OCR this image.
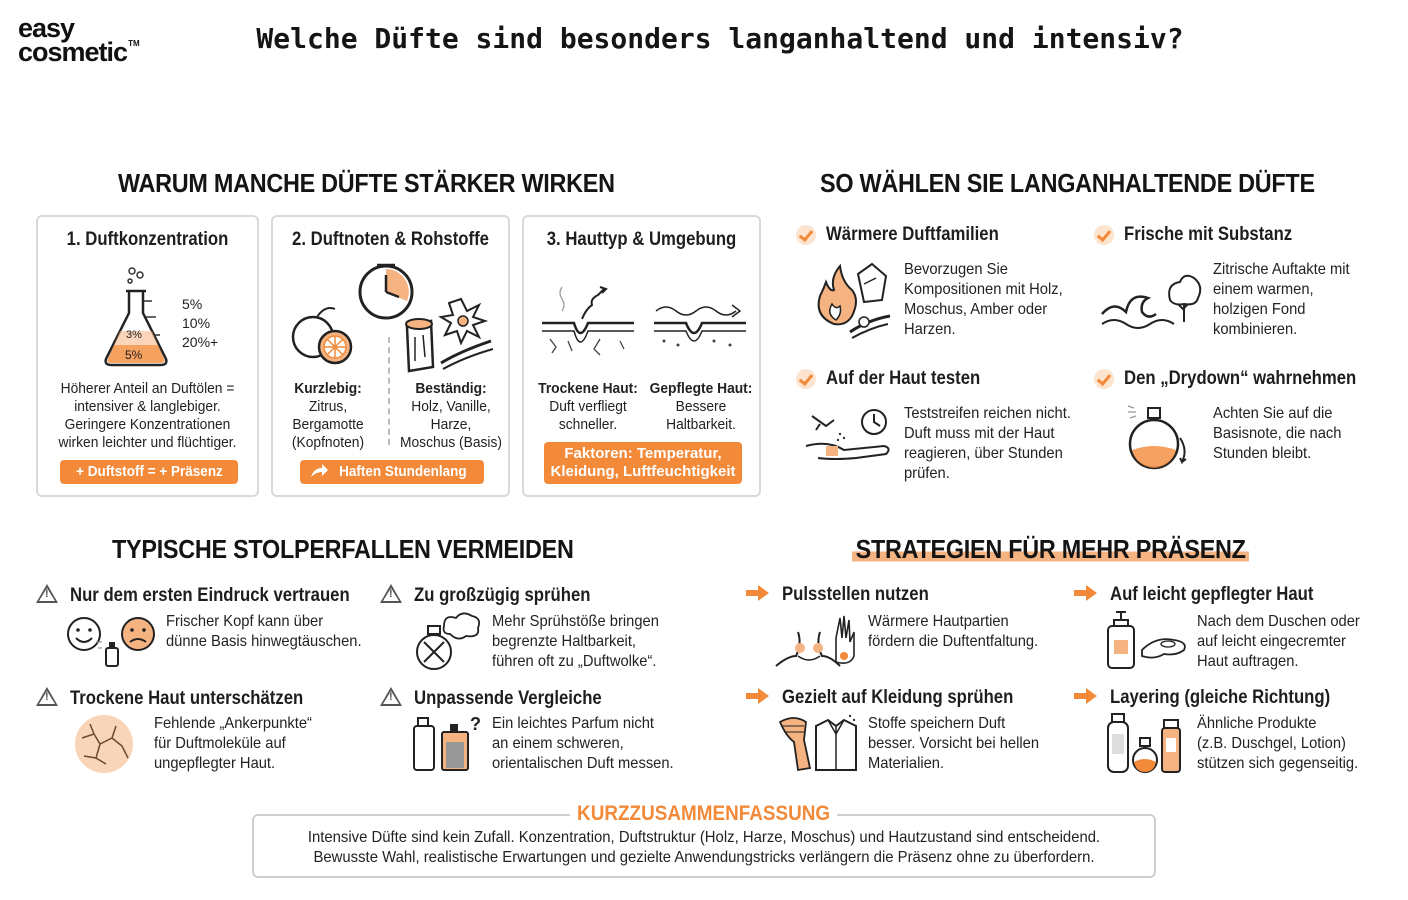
easy
cosmetic™	Welche Düfte sind besonders langanhaltend und intensiv?
WARUM MANCHE DÜFTE STÄRKER WIRKEN
1. Duftkonzentration
5%
10%
20%+
3%
5%
Höherer Anteil an Duftölen =
intensiver & langlebiger.
Geringere Konzentrationen
wirken leichter und flüchtiger.
+ Duftstoff = + Präsenz
2. Duftnoten & Rohstoffe
Kurzlebig:
Zitrus,
Bergamotte
(Kopfnoten)
Beständig:
Holz, Vanille,
Harze,
Moschus (Basis)
Haften Stundenlang
3. Hauttyp & Umgebung
Trockene Haut:
Duft verfliegt
schneller.
Gepflegte Haut:
Bessere
Haltbarkeit.
Faktoren: Temperatur,
Kleidung, Luftfeuchtigkeit
SO WÄHLEN SIE LANGANHALTENDE DÜFTE
Wärmere Duftfamilien
Bevorzugen Sie
Kompositionen mit Holz,
Moschus, Amber oder
Harzen.
Frische mit Substanz
Zitrische Auftakte mit
einem warmen,
holzigen Fond
kombinieren.
Auf der Haut testen
Teststreifen reichen nicht.
Duft muss mit der Haut
reagieren, über Stunden
prüfen.
Den „Drydown“ wahrnehmen
Achten Sie auf die
Basisnote, die nach
Stunden bleibt.
TYPISCHE STOLPERFALLEN VERMEIDEN
! Nur dem ersten Eindruck vertrauen
Frischer Kopf kann über
dünne Basis hinwegtäuschen.
! Zu großzügig sprühen
Mehr Sprühstöße bringen
begrenzte Haltbarkeit,
führen oft zu „Duftwolke“.
! Trockene Haut unterschätzen
Fehlende „Ankerpunkte“
für Duftmoleküle auf
ungepflegter Haut.
! Unpassende Vergleiche
? Ein leichtes Parfum nicht
an einem schweren,
orientalischen Duft messen.
STRATEGIEN FÜR MEHR PRÄSENZ
Pulsstellen nutzen
Wärmere Hautpartien
fördern die Duftentfaltung.
Auf leicht gepflegter Haut
Nach dem Duschen oder
auf leicht eingecremter
Haut auftragen.
Gezielt auf Kleidung sprühen
Stoffe speichern Duft
besser. Vorsicht bei hellen
Materialien.
Layering (gleiche Richtung)
Ähnliche Produkte
(z.B. Duschgel, Lotion)
stützen sich gegenseitig.
KURZZUSAMMENFASSUNG
Intensive Düfte sind kein Zufall. Konzentration, Duftstruktur (Holz, Harze, Moschus) und Hautzustand sind entscheidend.
Bewusste Wahl, realistische Erwartungen und gezielte Anwendungstricks verlängern die Präsenz ohne zu überfordern.
